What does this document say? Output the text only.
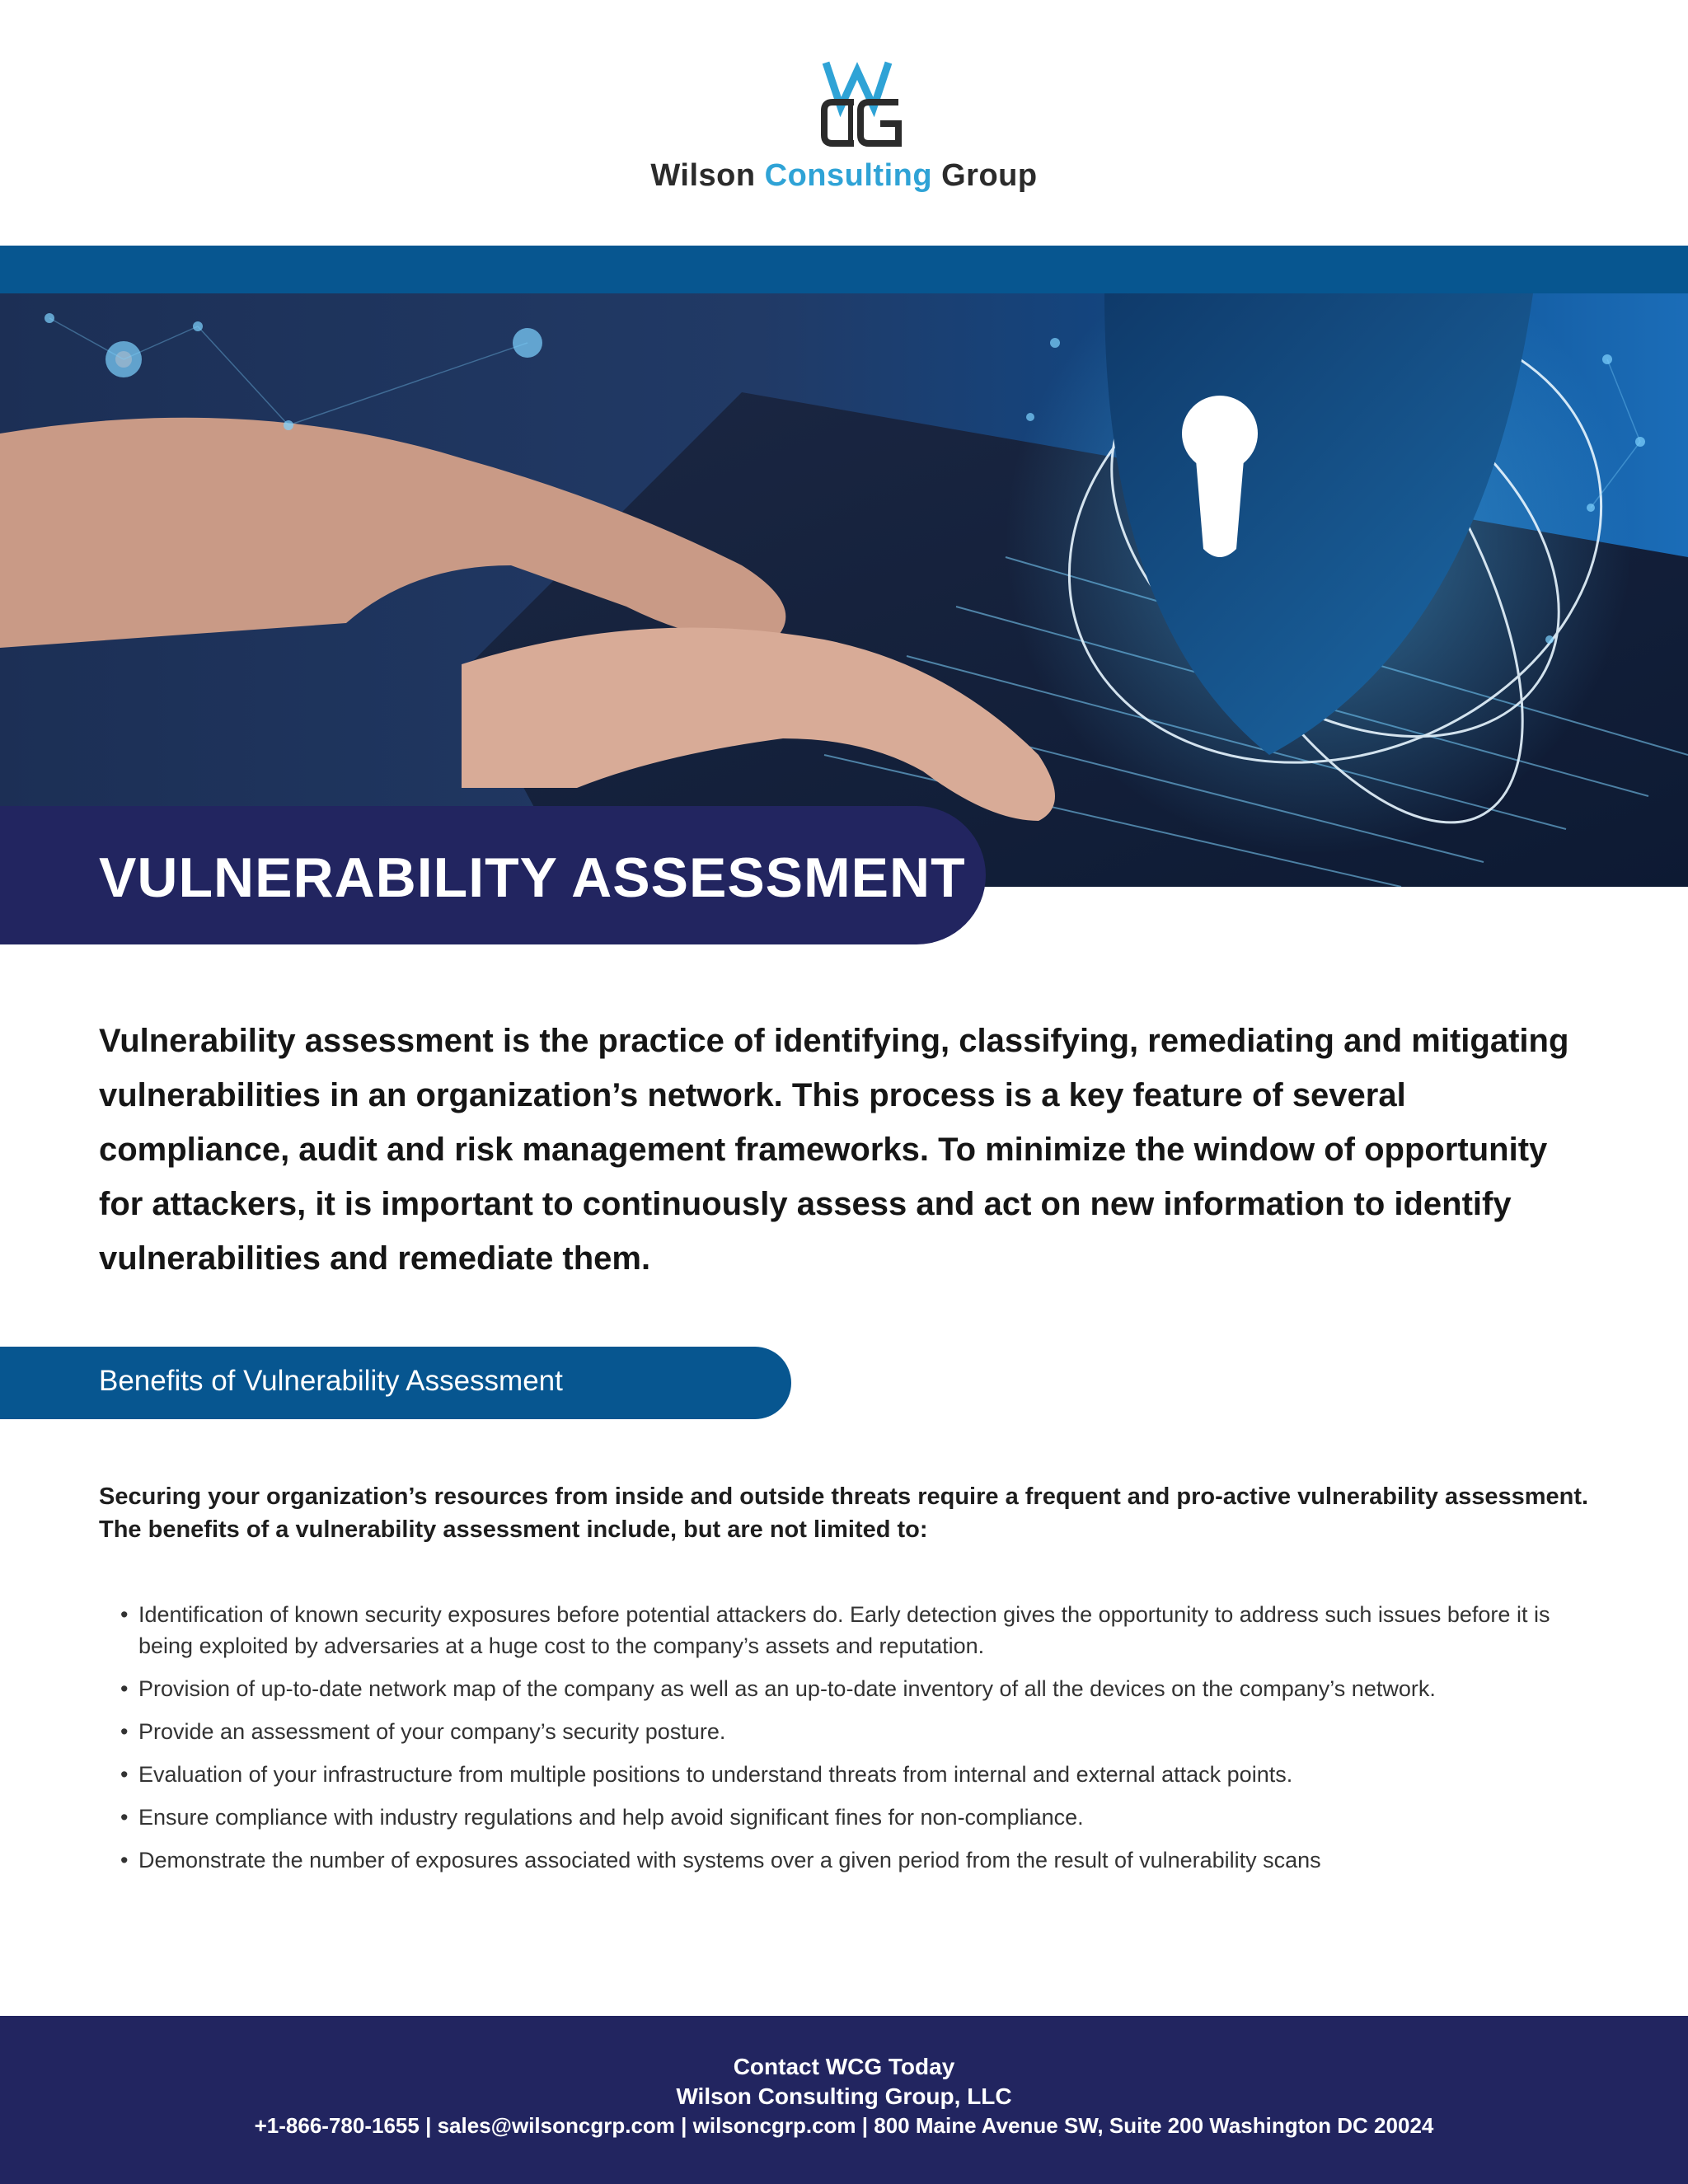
Wilson Consulting Group
VULNERABILITY ASSESSMENT
Vulnerability assessment is the practice of identifying, classifying, remediating and mitigating vulnerabilities in an organization’s network. This process is a key feature of several compliance, audit and risk management frameworks. To minimize the window of opportunity for attackers, it is important to continuously assess and act on new information to identify vulnerabilities and remediate them.
Benefits of Vulnerability Assessment
Securing your organization’s resources from inside and outside threats require a frequent and pro-active vulnerability assessment. The benefits of a vulnerability assessment include, but are not limited to:
• Identification of known security exposures before potential attackers do. Early detection gives the opportunity to address such issues before it is being exploited by adversaries at a huge cost to the company’s assets and reputation.
• Provision of up-to-date network map of the company as well as an up-to-date inventory of all the devices on the company’s network.
• Provide an assessment of your company’s security posture.
• Evaluation of your infrastructure from multiple positions to understand threats from internal and external attack points.
• Ensure compliance with industry regulations and help avoid significant fines for non-compliance.
• Demonstrate the number of exposures associated with systems over a given period from the result of vulnerability scans
Contact WCG Today
Wilson Consulting Group, LLC
+1-866-780-1655 | sales@wilsoncgrp.com | wilsoncgrp.com | 800 Maine Avenue SW, Suite 200 Washington DC 20024
